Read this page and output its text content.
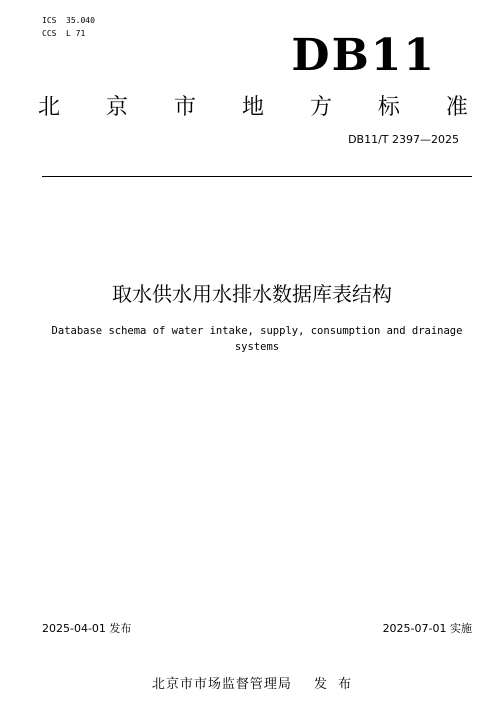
ICS 35.040
CCS L 71	DB11
北 京 市 地 方 标 准
DB11/T 2397—2025
取水供水用水排水数据库表结构
Database schema of water intake, supply, consumption and drainage systems
2025-04-01 发布	2025-07-01 实施
北京市市场监督管理局 发  布
